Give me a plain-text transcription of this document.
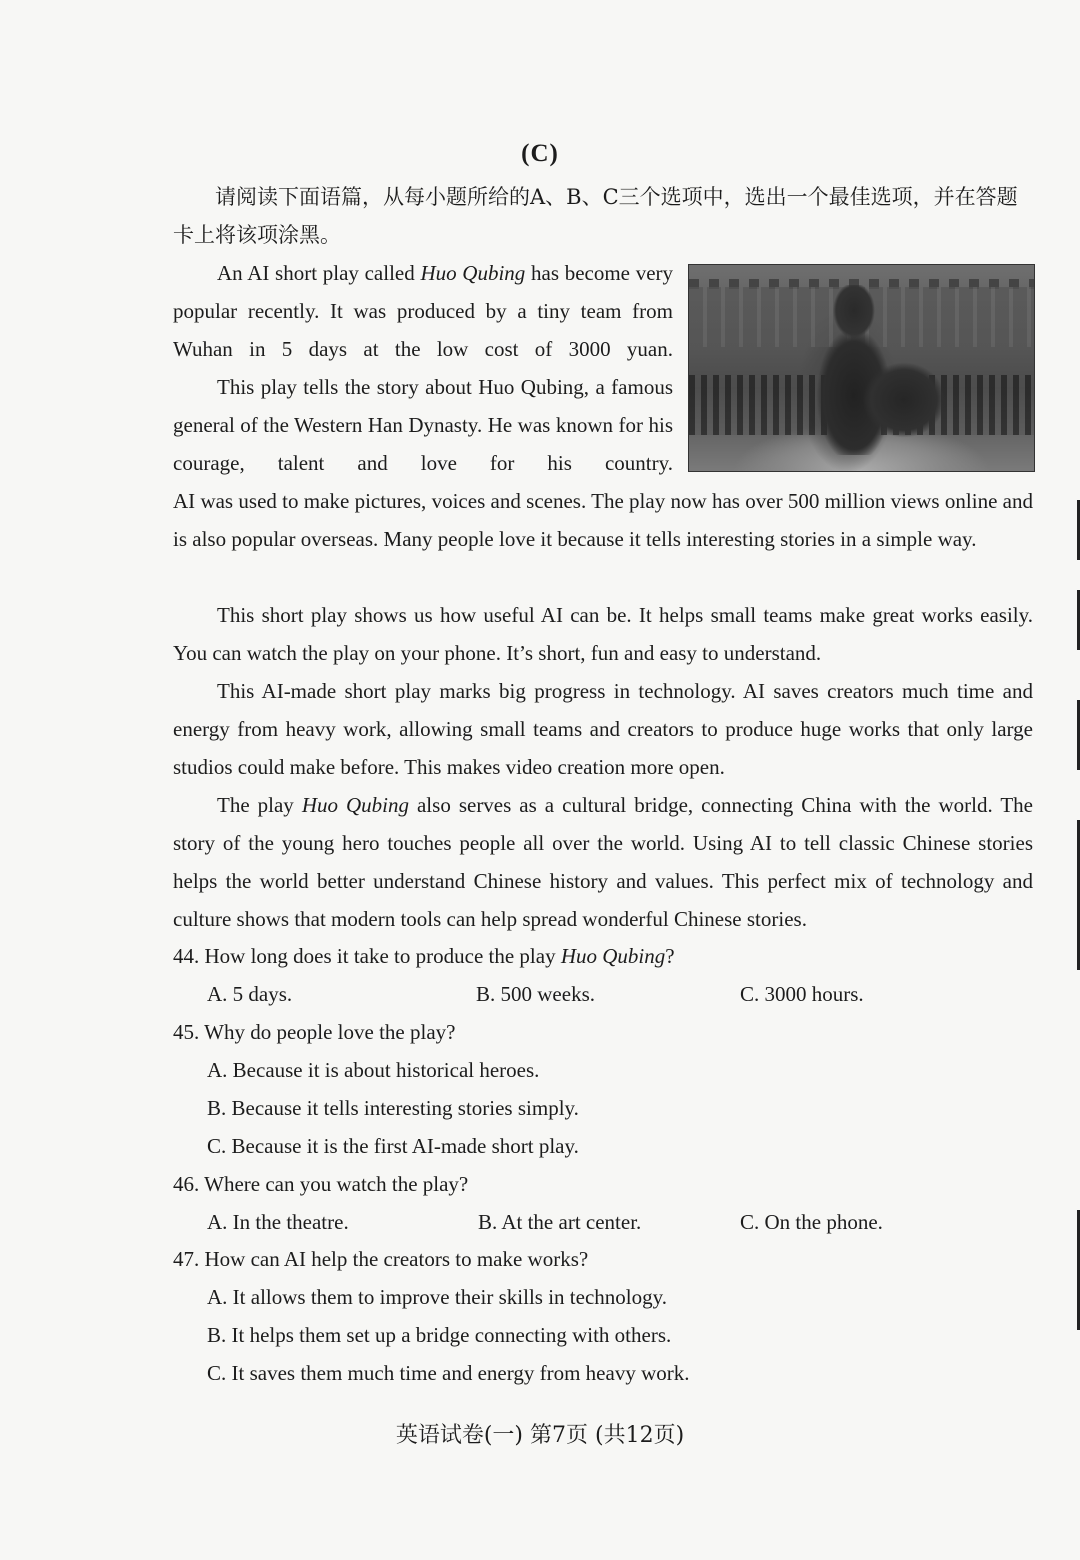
(C)
请阅读下面语篇，从每小题所给的A、B、C三个选项中，选出一个最佳选项，并在答题卡上将该项涂黑。
An AI short play called Huo Qubing has become very popular recently. It was produced by a tiny team from Wuhan in 5 days at the low cost of 3000 yuan.
This play tells the story about Huo Qubing, a famous general of the Western Han Dynasty. He was known for his courage, talent and love for his country.
AI was used to make pictures, voices and scenes. The play now has over 500 million views online and is also popular overseas. Many people love it because it tells interesting stories in a simple way.
This short play shows us how useful AI can be. It helps small teams make great works easily. You can watch the play on your phone. It’s short, fun and easy to understand.
This AI-made short play marks big progress in technology. AI saves creators much time and energy from heavy work, allowing small teams and creators to produce huge works that only large studios could make before. This makes video creation more open.
The play Huo Qubing also serves as a cultural bridge, connecting China with the world. The story of the young hero touches people all over the world. Using AI to tell classic Chinese stories helps the world better understand Chinese history and values. This perfect mix of technology and culture shows that modern tools can help spread wonderful Chinese stories.
44. How long does it take to produce the play Huo Qubing?
A. 5 days.	B. 500 weeks.	C. 3000 hours.
45. Why do people love the play?
A. Because it is about historical heroes.
B. Because it tells interesting stories simply.
C. Because it is the first AI-made short play.
46. Where can you watch the play?
A. In the theatre.	B. At the art center.	C. On the phone.
47. How can AI help the creators to make works?
A. It allows them to improve their skills in technology.
B. It helps them set up a bridge connecting with others.
C. It saves them much time and energy from heavy work.
英语试卷(一) 第7页 (共12页)
